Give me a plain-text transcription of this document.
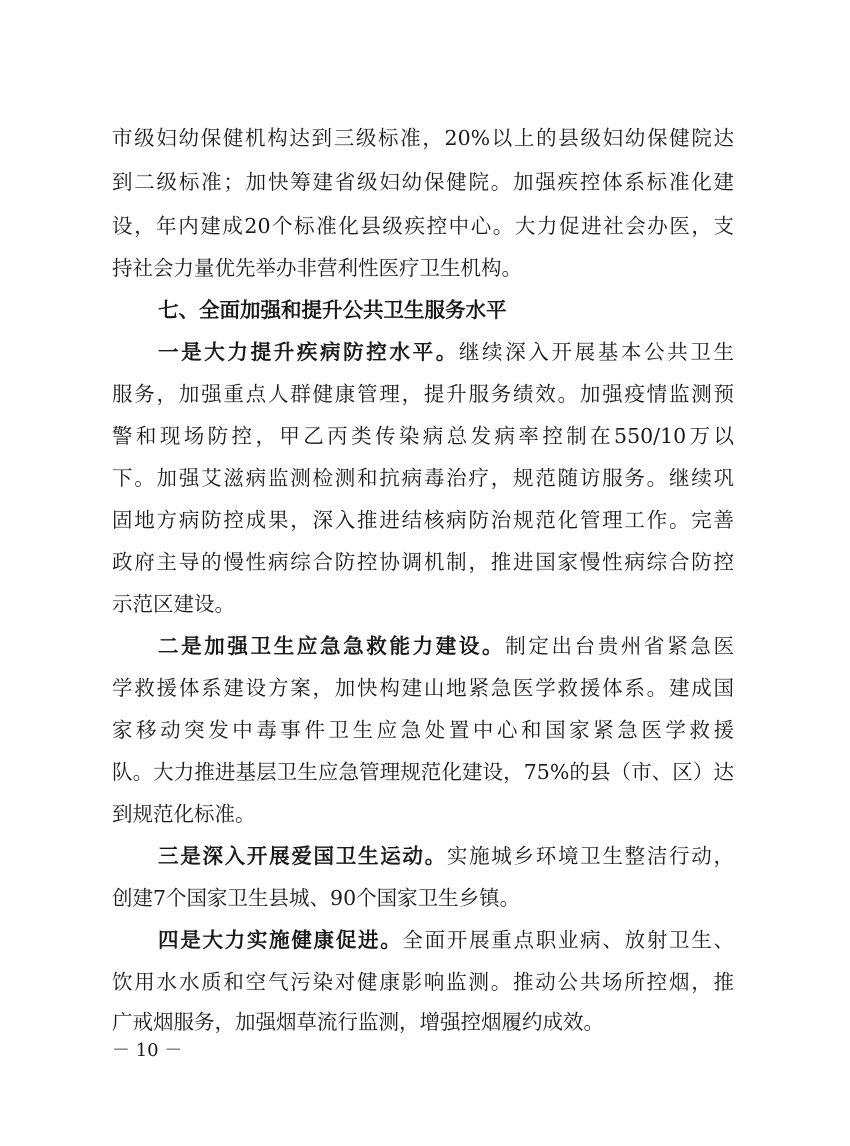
市级妇幼保健机构达到三级标准，20%以上的县级妇幼保健院达
到二级标准；加快筹建省级妇幼保健院。加强疾控体系标准化建
设，年内建成20个标准化县级疾控中心。大力促进社会办医，支
持社会力量优先举办非营利性医疗卫生机构。
七、全面加强和提升公共卫生服务水平
一是大力提升疾病防控水平。继续深入开展基本公共卫生
服务，加强重点人群健康管理，提升服务绩效。加强疫情监测预
警和现场防控，甲乙丙类传染病总发病率控制在550/10万以
下。加强艾滋病监测检测和抗病毒治疗，规范随访服务。继续巩
固地方病防控成果，深入推进结核病防治规范化管理工作。完善
政府主导的慢性病综合防控协调机制，推进国家慢性病综合防控
示范区建设。
二是加强卫生应急急救能力建设。制定出台贵州省紧急医
学救援体系建设方案，加快构建山地紧急医学救援体系。建成国
家移动突发中毒事件卫生应急处置中心和国家紧急医学救援
队。大力推进基层卫生应急管理规范化建设，75%的县（市、区）达
到规范化标准。
三是深入开展爱国卫生运动。实施城乡环境卫生整洁行动，
创建7个国家卫生县城、90个国家卫生乡镇。
四是大力实施健康促进。全面开展重点职业病、放射卫生、
饮用水水质和空气污染对健康影响监测。推动公共场所控烟，推
广戒烟服务，加强烟草流行监测，增强控烟履约成效。
－ 10 －
